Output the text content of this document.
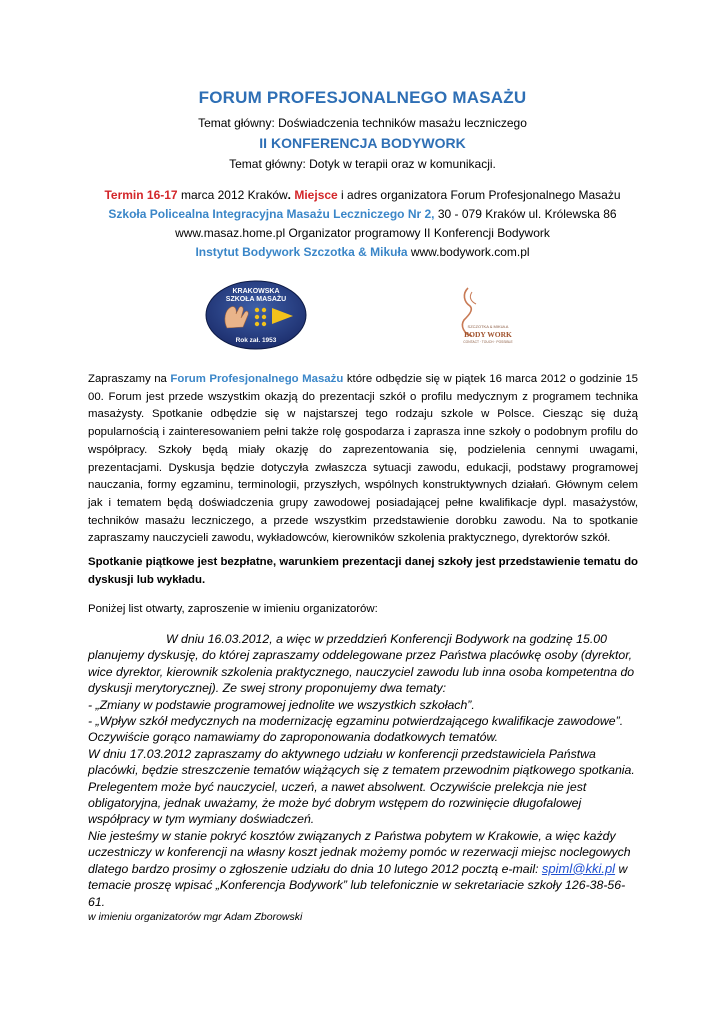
FORUM PROFESJONALNEGO MASAŻU
Temat główny: Doświadczenia techników masażu leczniczego
II KONFERENCJA BODYWORK
Temat główny: Dotyk w terapii oraz w komunikacji.
Termin 16-17 marca 2012 Kraków. Miejsce i adres organizatora Forum Profesjonalnego Masażu
Szkoła Policealna Integracyjna Masażu Leczniczego Nr 2, 30 - 079 Kraków ul. Królewska 86
www.masaz.home.pl Organizator programowy II Konferencji Bodywork
Instytut Bodywork Szczotka & Mikuła www.bodywork.com.pl
KRAKOWSKA
SZKOŁA MASAŻU
Rok zał. 1953
SZCZOTKA & MIKUŁA
BODY WORK
CONTACT · TOUCH · POSSIBLE
Zapraszamy na Forum Profesjonalnego Masażu które odbędzie się w piątek 16 marca 2012 o godzinie 15 00. Forum jest przede wszystkim okazją do prezentacji szkół o profilu medycznym z programem technika masażysty. Spotkanie odbędzie się w najstarszej tego rodzaju szkole w Polsce. Ciesząc się dużą popularnością i zainteresowaniem pełni także rolę gospodarza i zaprasza inne szkoły o podobnym profilu do współpracy. Szkoły będą miały okazję do zaprezentowania się, podzielenia cennymi uwagami, prezentacjami. Dyskusja będzie dotyczyła zwłaszcza sytuacji zawodu, edukacji, podstawy programowej nauczania, formy egzaminu, terminologii, przyszłych, wspólnych konstruktywnych działań. Głównym celem jak i tematem będą doświadczenia grupy zawodowej posiadającej pełne kwalifikacje dypl. masażystów, techników masażu leczniczego, a przede wszystkim przedstawienie dorobku zawodu. Na to spotkanie zapraszamy nauczycieli zawodu, wykładowców, kierowników szkolenia praktycznego, dyrektorów szkół.
Spotkanie piątkowe jest bezpłatne, warunkiem prezentacji danej szkoły jest przedstawienie tematu do dyskusji lub wykładu.
Poniżej list otwarty, zaproszenie w imieniu organizatorów:

W dniu 16.03.2012, a więc w przeddzień Konferencji Bodywork na godzinę 15.00 planujemy dyskusję, do której zapraszamy oddelegowane przez Państwa placówkę osoby (dyrektor, wice dyrektor, kierownik szkolenia praktycznego, nauczyciel zawodu lub inna osoba kompetentna do dyskusji merytorycznej). Ze swej strony proponujemy dwa tematy:

- „Zmiany w podstawie programowej jednolite we wszystkich szkołach”.

- „Wpływ szkół medycznych na modernizację egzaminu potwierdzającego kwalifikacje zawodowe”.

Oczywiście gorąco namawiamy do zaproponowania dodatkowych tematów.

W dniu 17.03.2012 zapraszamy do aktywnego udziału w konferencji przedstawiciela Państwa placówki, będzie streszczenie tematów wiążących się z tematem przewodnim piątkowego spotkania. Prelegentem może być nauczyciel, uczeń, a nawet absolwent. Oczywiście prelekcja nie jest obligatoryjna, jednak uważamy, że może być dobrym wstępem do rozwinięcie długofalowej współpracy w tym wymiany doświadczeń.

Nie jesteśmy w stanie pokryć kosztów związanych z Państwa pobytem w Krakowie, a więc każdy uczestniczy w konferencji na własny koszt jednak możemy pomóc w rezerwacji miejsc noclegowych dlatego bardzo prosimy o zgłoszenie udziału do dnia 10 lutego 2012 pocztą e-mail: spiml@kki.pl w temacie proszę wpisać „Konferencja Bodywork” lub telefonicznie w sekretariacie szkoły 126-38-56-61.

w imieniu organizatorów mgr Adam Zborowski
